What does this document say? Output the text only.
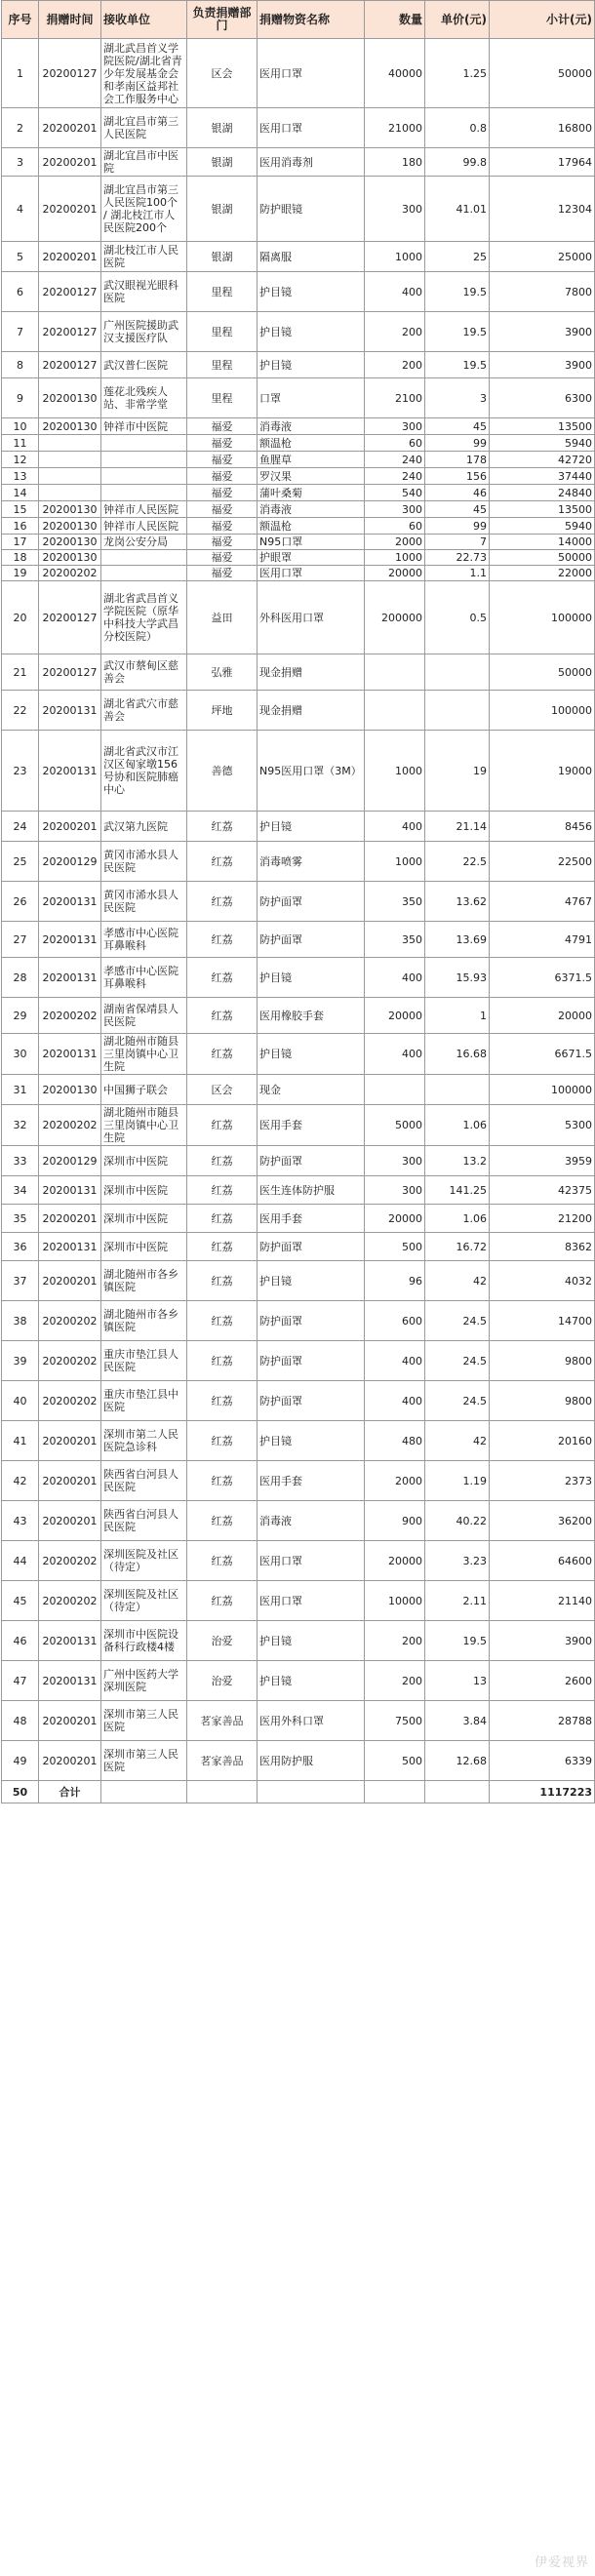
序号	捐赠时间	接收单位	负责捐赠部门	捐赠物资名称	数量	单价(元)	小计(元)
1	20200127	湖北武昌首义学院医院/湖北省青少年发展基金会和孝南区益邦社会工作服务中心	区会	医用口罩	40000	1.25	50000
2	20200201	湖北宜昌市第三人民医院	银湖	医用口罩	21000	0.8	16800
3	20200201	湖北宜昌市中医院	银湖	医用消毒剂	180	99.8	17964
4	20200201	湖北宜昌市第三人民医院100个 / 湖北枝江市人民医院200个	银湖	防护眼镜	300	41.01	12304
5	20200201	湖北枝江市人民医院	银湖	隔离服	1000	25	25000
6	20200127	武汉眼视光眼科医院	里程	护目镜	400	19.5	7800
7	20200127	广州医院援助武汉支援医疗队	里程	护目镜	200	19.5	3900
8	20200127	武汉普仁医院	里程	护目镜	200	19.5	3900
9	20200130	莲花北残疾人站、非常学堂	里程	口罩	2100	3	6300
10	20200130	钟祥市中医院	福爱	消毒液	300	45	13500
11			福爱	额温枪	60	99	5940
12			福爱	鱼腥草	240	178	42720
13			福爱	罗汉果	240	156	37440
14			福爱	蒲叶桑菊	540	46	24840
15	20200130	钟祥市人民医院	福爱	消毒液	300	45	13500
16	20200130	钟祥市人民医院	福爱	额温枪	60	99	5940
17	20200130	龙岗公安分局	福爱	N95口罩	2000	7	14000
18	20200130		福爱	护眼罩	1000	22.73	50000
19	20200202		福爱	医用口罩	20000	1.1	22000
20	20200127	湖北省武昌首义学院医院（原华中科技大学武昌分校医院）	益田	外科医用口罩	200000	0.5	100000
21	20200127	武汉市蔡甸区慈善会	弘雅	现金捐赠			50000
22	20200131	湖北省武穴市慈善会	坪地	现金捐赠			100000
23	20200131	湖北省武汉市江汉区匈家墩156号协和医院肺癌中心	善德	N95医用口罩（3M）	1000	19	19000
24	20200201	武汉第九医院	红荔	护目镜	400	21.14	8456
25	20200129	黄冈市浠水县人民医院	红荔	消毒喷雾	1000	22.5	22500
26	20200131	黄冈市浠水县人民医院	红荔	防护面罩	350	13.62	4767
27	20200131	孝感市中心医院耳鼻喉科	红荔	防护面罩	350	13.69	4791
28	20200131	孝感市中心医院耳鼻喉科	红荔	护目镜	400	15.93	6371.5
29	20200202	湖南省保靖县人民医院	红荔	医用橡胶手套	20000	1	20000
30	20200131	湖北随州市随县三里岗镇中心卫生院	红荔	护目镜	400	16.68	6671.5
31	20200130	中国狮子联会	区会	现金			100000
32	20200202	湖北随州市随县三里岗镇中心卫生院	红荔	医用手套	5000	1.06	5300
33	20200129	深圳市中医院	红荔	防护面罩	300	13.2	3959
34	20200131	深圳市中医院	红荔	医生连体防护服	300	141.25	42375
35	20200201	深圳市中医院	红荔	医用手套	20000	1.06	21200
36	20200131	深圳市中医院	红荔	防护面罩	500	16.72	8362
37	20200201	湖北随州市各乡镇医院	红荔	护目镜	96	42	4032
38	20200202	湖北随州市各乡镇医院	红荔	防护面罩	600	24.5	14700
39	20200202	重庆市垫江县人民医院	红荔	防护面罩	400	24.5	9800
40	20200202	重庆市垫江县中医院	红荔	防护面罩	400	24.5	9800
41	20200201	深圳市第二人民医院急诊科	红荔	护目镜	480	42	20160
42	20200201	陕西省白河县人民医院	红荔	医用手套	2000	1.19	2373
43	20200201	陕西省白河县人民医院	红荔	消毒液	900	40.22	36200
44	20200202	深圳医院及社区（待定）	红荔	医用口罩	20000	3.23	64600
45	20200202	深圳医院及社区（待定）	红荔	医用口罩	10000	2.11	21140
46	20200131	深圳市中医院设备科行政楼4楼	治爱	护目镜	200	19.5	3900
47	20200131	广州中医药大学深圳医院	治爱	护目镜	200	13	2600
48	20200201	深圳市第三人民医院	茗家善品	医用外科口罩	7500	3.84	28788
49	20200201	深圳市第三人民医院	茗家善品	医用防护服	500	12.68	6339
50	合计						1117223
伊爱视界
